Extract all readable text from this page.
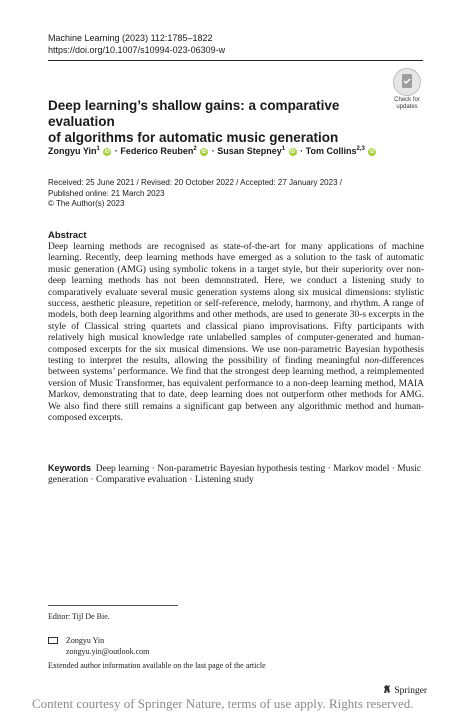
Machine Learning (2023) 112:1785–1822
https://doi.org/10.1007/s10994-023-06309-w
Check for
updates
Deep learning’s shallow gains: a comparative evaluation
of algorithms for automatic music generation
Zongyu Yin$^1$ iD · Federico Reuben$^2$ iD · Susan Stepney$^1$ iD · Tom Collins$^{2,3}$ iD
Received: 25 June 2021 / Revised: 20 October 2022 / Accepted: 27 January 2023 /
Published online: 21 March 2023
© The Author(s) 2023
Abstract
Deep learning methods are recognised as state-of-the-art for many applications of machine learning. Recently, deep learning methods have emerged as a solution to the task of automatic music generation (AMG) using symbolic tokens in a target style, but their superiority over non-deep learning methods has not been demonstrated. Here, we conduct a listening study to comparatively evaluate several music generation systems along six musical dimensions: stylistic success, aesthetic pleasure, repetition or self-reference, melody, harmony, and rhythm. A range of models, both deep learning algorithms and other methods, are used to generate 30-s excerpts in the style of Classical string quartets and classical piano improvisations. Fifty participants with relatively high musical knowledge rate unlabelled samples of computer-generated and human-composed excerpts for the six musical dimensions. We use non-parametric Bayesian hypothesis testing to interpret the results, allowing the possibility of finding meaningful non-differences between systems’ performance. We find that the strongest deep learning method, a reimplemented version of Music Transformer, has equivalent performance to a non-deep learning method, MAIA Markov, demonstrating that to date, deep learning does not outperform other methods for AMG. We also find there still remains a significant gap between any algorithmic method and human-composed excerpts.
Keywords Deep learning · Non-parametric Bayesian hypothesis testing · Markov model · Music generation · Comparative evaluation · Listening study
Editor: Tijl De Bie.
Zongyu Yin
zongyu.yin@outlook.com
Extended author information available on the last page of the article
Springer
Content courtesy of Springer Nature, terms of use apply. Rights reserved.
